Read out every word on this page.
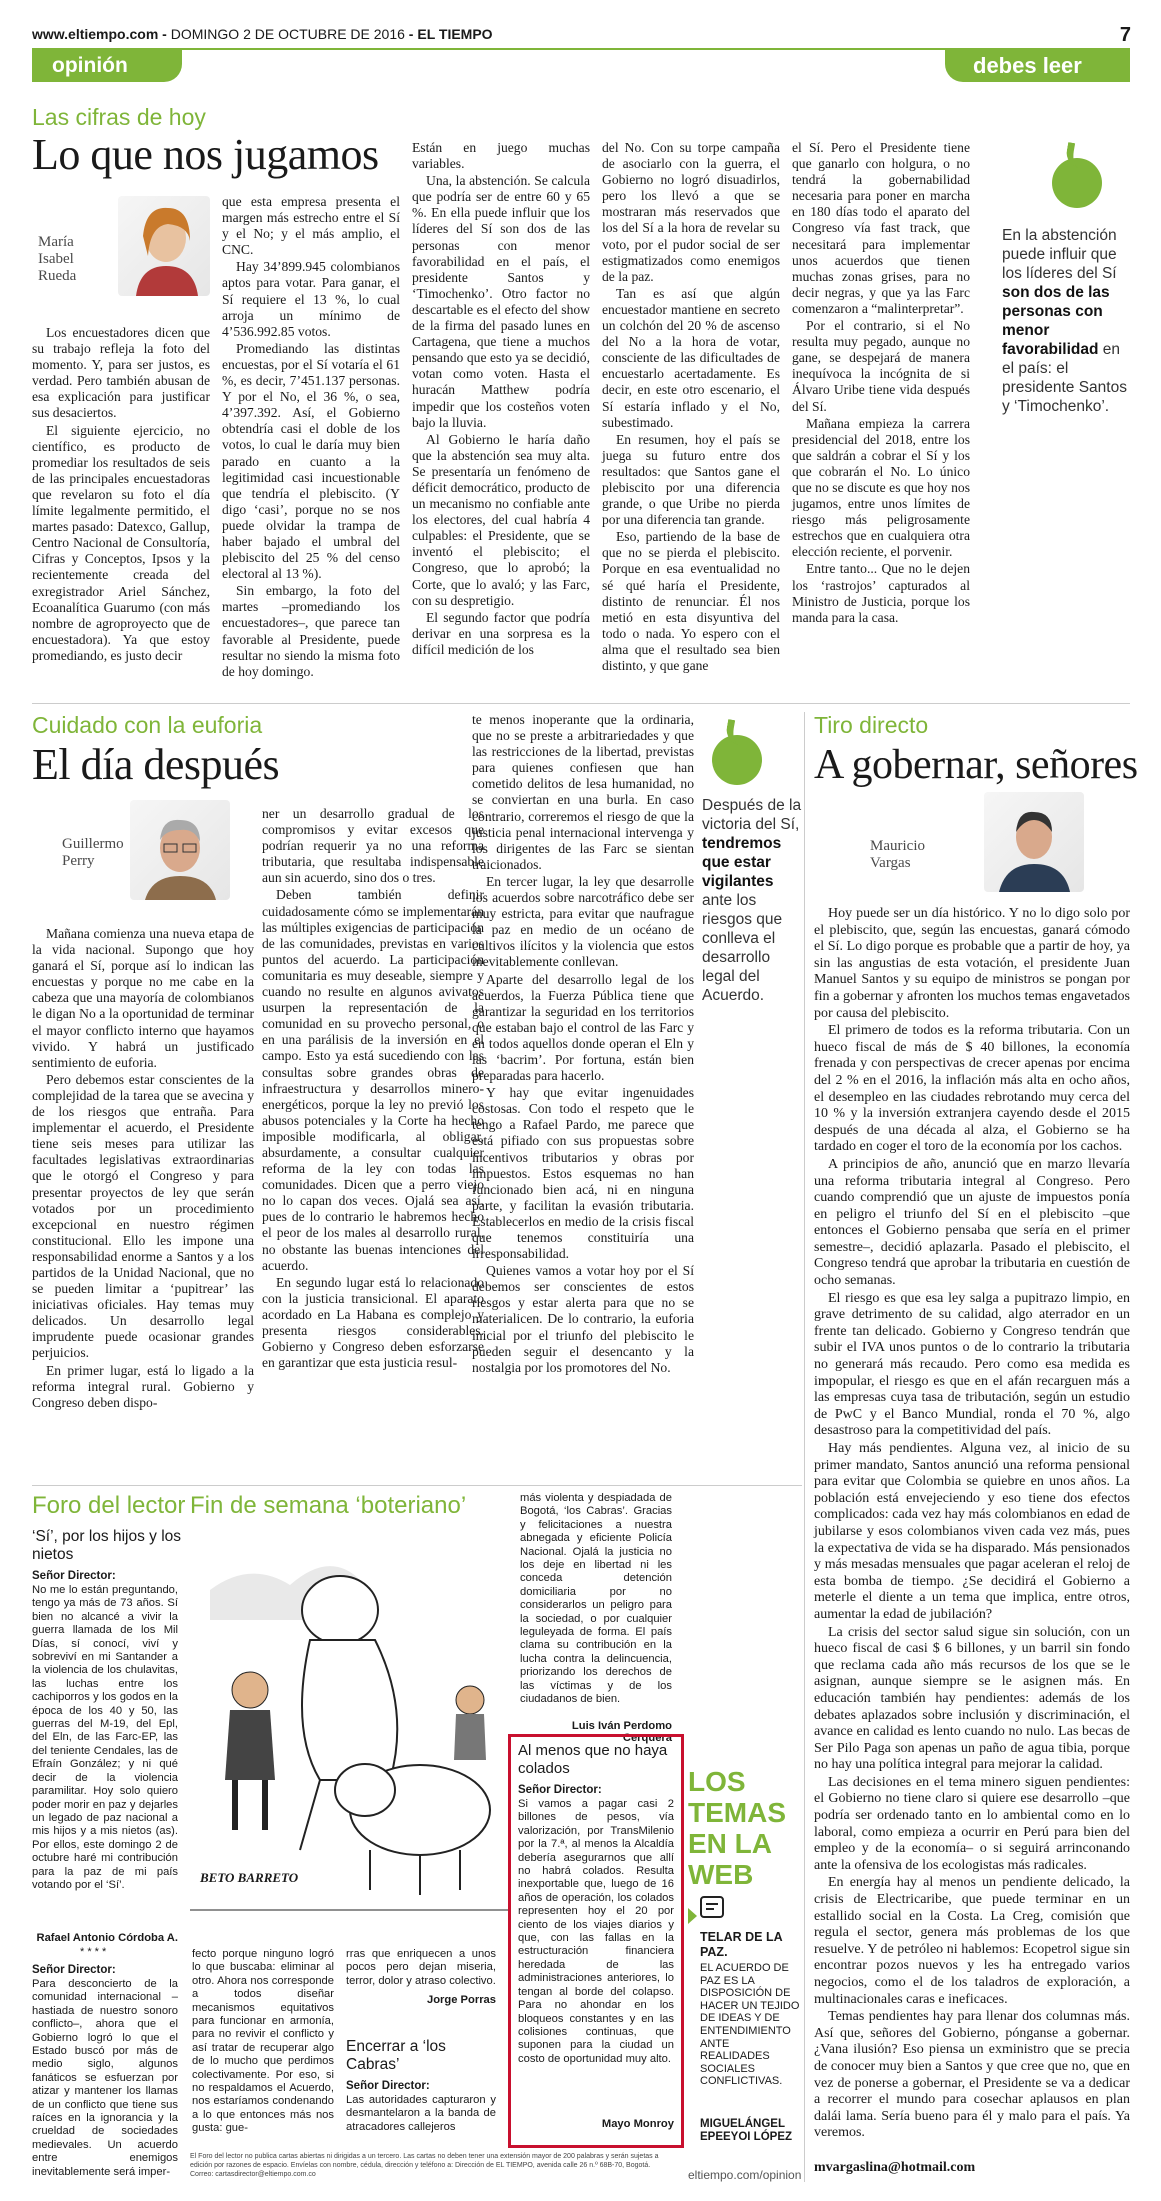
www.eltiempo.com - DOMINGO 2 DE OCTUBRE DE 2016 - EL TIEMPO	7
opinión	debes leer
Las cifras de hoy
Lo que nos jugamos
María Isabel Rueda

Los encuestadores dicen que su trabajo refleja la foto del momento. Y, para ser justos, es verdad. Pero también abusan de esa explicación para justificar sus desaciertos.

El siguiente ejercicio, no científico, es producto de promediar los resultados de seis de las principales encuestadoras que revelaron su foto el día límite legalmente permitido, el martes pasado: Datexco, Gallup, Centro Nacional de Consultoría, Cifras y Conceptos, Ipsos y la recientemente creada del exregistrador Ariel Sánchez, Ecoanalítica Guarumo (con más nombre de agroproyecto que de encuestadora). Ya que estoy promediando, es justo decir

que esta empresa presenta el margen más estrecho entre el Sí y el No; y el más amplio, el CNC.

Hay 34’899.945 colombianos aptos para votar. Para ganar, el Sí requiere el 13 %, lo cual arroja un mínimo de 4’536.992.85 votos.

Promediando las distintas encuestas, por el Sí votaría el 61 %, es decir, 7’451.137 personas. Y por el No, el 36 %, o sea, 4’397.392. Así, el Gobierno obtendría casi el doble de los votos, lo cual le daría muy bien parado en cuanto a la legitimidad casi incuestionable que tendría el plebiscito. (Y digo ‘casi’, porque no se nos puede olvidar la trampa de haber bajado el umbral del plebiscito del 25 % del censo electoral al 13 %).

Sin embargo, la foto del martes –promediando los encuestadores–, que parece tan favorable al Presidente, puede resultar no siendo la misma foto de hoy domingo.

Están en juego muchas variables.

Una, la abstención. Se calcula que podría ser de entre 60 y 65 %. En ella puede influir que los líderes del Sí son dos de las personas con menor favorabilidad en el país, el presidente Santos y ‘Timochenko’. Otro factor no descartable es el efecto del show de la firma del pasado lunes en Cartagena, que tiene a muchos pensando que esto ya se decidió, votan como voten. Hasta el huracán Matthew podría impedir que los costeños voten bajo la lluvia.

Al Gobierno le haría daño que la abstención sea muy alta. Se presentaría un fenómeno de déficit democrático, producto de un mecanismo no confiable ante los electores, del cual habría 4 culpables: el Presidente, que se inventó el plebiscito; el Congreso, que lo aprobó; la Corte, que lo avaló; y las Farc, con su despretigio.

El segundo factor que podría derivar en una sorpresa es la difícil medición de los

del No. Con su torpe campaña de asociarlo con la guerra, el Gobierno no logró disuadirlos, pero los llevó a que se mostraran más reservados que los del Sí a la hora de revelar su voto, por el pudor social de ser estigmatizados como enemigos de la paz.

Tan es así que algún encuestador mantiene en secreto un colchón del 20 % de ascenso del No a la hora de votar, consciente de las dificultades de encuestarlo acertadamente. Es decir, en este otro escenario, el Sí estaría inflado y el No, subestimado.

En resumen, hoy el país se juega su futuro entre dos resultados: que Santos gane el plebiscito por una diferencia grande, o que Uribe no pierda por una diferencia tan grande.

Eso, partiendo de la base de que no se pierda el plebiscito. Porque en esa eventualidad no sé qué haría el Presidente, distinto de renunciar. Él nos metió en esta disyuntiva del todo o nada. Yo espero con el alma que el resultado sea bien distinto, y que gane

el Sí. Pero el Presidente tiene que ganarlo con holgura, o no tendrá la gobernabilidad necesaria para poner en marcha en 180 días todo el aparato del Congreso vía fast track, que necesitará para implementar unos acuerdos que tienen muchas zonas grises, para no decir negras, y que ya las Farc comenzaron a “malinterpretar”.

Por el contrario, si el No resulta muy pegado, aunque no gane, se despejará de manera inequívoca la incógnita de si Álvaro Uribe tiene vida después del Sí.

Mañana empieza la carrera presidencial del 2018, entre los que saldrán a cobrar el Sí y los que cobrarán el No. Lo único que no se discute es que hoy nos jugamos, entre unos límites de riesgo más peligrosamente estrechos que en cualquiera otra elección reciente, el porvenir.

Entre tanto... Que no le dejen los ‘rastrojos’ capturados al Ministro de Justicia, porque los manda para la casa.

En la abstención puede influir que los líderes del Sí son dos de las personas con menor favorabilidad en el país: el presidente Santos y ‘Timochenko’.
Cuidado con la euforia
El día después
Guillermo Perry

Mañana comienza una nueva etapa de la vida nacional. Supongo que hoy ganará el Sí, porque así lo indican las encuestas y porque no me cabe en la cabeza que una mayoría de colombianos le digan No a la oportunidad de terminar el mayor conflicto interno que hayamos vivido. Y habrá un justificado sentimiento de euforia.

Pero debemos estar conscientes de la complejidad de la tarea que se avecina y de los riesgos que entraña. Para implementar el acuerdo, el Presidente tiene seis meses para utilizar las facultades legislativas extraordinarias que le otorgó el Congreso y para presentar proyectos de ley que serán votados por un procedimiento excepcional en nuestro régimen constitucional. Ello les impone una responsabilidad enorme a Santos y a los partidos de la Unidad Nacional, que no se pueden limitar a ‘pupitrear’ las iniciativas oficiales. Hay temas muy delicados. Un desarrollo legal imprudente puede ocasionar grandes perjuicios.

En primer lugar, está lo ligado a la reforma integral rural. Gobierno y Congreso deben dispo-

ner un desarrollo gradual de los compromisos y evitar excesos que podrían requerir ya no una reforma tributaria, que resultaba indispensable aun sin acuerdo, sino dos o tres.

Deben también definir cuidadosamente cómo se implementarán las múltiples exigencias de participación de las comunidades, previstas en varios puntos del acuerdo. La participación comunitaria es muy deseable, siempre y cuando no resulte en algunos avivatos usurpen la representación de la comunidad en su provecho personal, o en una parálisis de la inversión en el campo. Esto ya está sucediendo con las consultas sobre grandes obras de infraestructura y desarrollos minero-energéticos, porque la ley no previó los abusos potenciales y la Corte ha hecho imposible modificarla, al obligar, absurdamente, a consultar cualquier reforma de la ley con todas las comunidades. Dicen que a perro viejo no lo capan dos veces. Ojalá sea así, pues de lo contrario le habremos hecho el peor de los males al desarrollo rural, no obstante las buenas intenciones del acuerdo.

En segundo lugar está lo relacionado con la justicia transicional. El aparato acordado en La Habana es complejo y presenta riesgos considerables. Gobierno y Congreso deben esforzarse en garantizar que esta justicia resul-

te menos inoperante que la ordinaria, que no se preste a arbitrariedades y que las restricciones de la libertad, previstas para quienes confiesen que han cometido delitos de lesa humanidad, no se conviertan en una burla. En caso contrario, correremos el riesgo de que la justicia penal internacional intervenga y los dirigentes de las Farc se sientan traicionados.

En tercer lugar, la ley que desarrolle los acuerdos sobre narcotráfico debe ser muy estricta, para evitar que naufrague la paz en medio de un océano de cultivos ilícitos y la violencia que estos inevitablemente conllevan.

Aparte del desarrollo legal de los acuerdos, la Fuerza Pública tiene que garantizar la seguridad en los territorios que estaban bajo el control de las Farc y en todos aquellos donde operan el Eln y las ‘bacrim’. Por fortuna, están bien preparadas para hacerlo.

Y hay que evitar ingenuidades costosas. Con todo el respeto que le tengo a Rafael Pardo, me parece que está pifiado con sus propuestas sobre incentivos tributarios y obras por impuestos. Estos esquemas no han funcionado bien acá, ni en ninguna parte, y facilitan la evasión tributaria. Establecerlos en medio de la crisis fiscal que tenemos constituiría una irresponsabilidad.

Quienes vamos a votar hoy por el Sí debemos ser conscientes de estos riesgos y estar alerta para que no se materialicen. De lo contrario, la euforia inicial por el triunfo del plebiscito le pueden seguir el desencanto y la nostalgia por los promotores del No.

Después de la victoria del Sí, tendremos que estar vigilantes ante los riesgos que conlleva el desarrollo legal del Acuerdo.
Tiro directo
A gobernar, señores
Mauricio Vargas

Hoy puede ser un día histórico. Y no lo digo solo por el plebiscito, que, según las encuestas, ganará cómodo el Sí. Lo digo porque es probable que a partir de hoy, ya sin las angustias de esta votación, el presidente Juan Manuel Santos y su equipo de ministros se pongan por fin a gobernar y afronten los muchos temas engavetados por causa del plebiscito.

El primero de todos es la reforma tributaria. Con un hueco fiscal de más de $ 40 billones, la economía frenada y con perspectivas de crecer apenas por encima del 2 % en el 2016, la inflación más alta en ocho años, el desempleo en las ciudades rebrotando muy cerca del 10 % y la inversión extranjera cayendo desde el 2015 después de una década al alza, el Gobierno se ha tardado en coger el toro de la economía por los cachos.

A principios de año, anunció que en marzo llevaría una reforma tributaria integral al Congreso. Pero cuando comprendió que un ajuste de impuestos ponía en peligro el triunfo del Sí en el plebiscito –que entonces el Gobierno pensaba que sería en el primer semestre–, decidió aplazarla. Pasado el plebiscito, el Congreso tendrá que aprobar la tributaria en cuestión de ocho semanas.

El riesgo es que esa ley salga a pupitrazo limpio, en grave detrimento de su calidad, algo aterrador en un frente tan delicado. Gobierno y Congreso tendrán que subir el IVA unos puntos o de lo contrario la tributaria no generará más recaudo. Pero como esa medida es impopular, el riesgo es que en el afán recarguen más a las empresas cuya tasa de tributación, según un estudio de PwC y el Banco Mundial, ronda el 70 %, algo desastroso para la competitividad del país.

Hay más pendientes. Alguna vez, al inicio de su primer mandato, Santos anunció una reforma pensional para evitar que Colombia se quiebre en unos años. La población está envejeciendo y eso tiene dos efectos complicados: cada vez hay más colombianos en edad de jubilarse y esos colombianos viven cada vez más, pues la expectativa de vida se ha disparado. Más pensionados y más mesadas mensuales que pagar aceleran el reloj de esta bomba de tiempo. ¿Se decidirá el Gobierno a meterle el diente a un tema que implica, entre otros, aumentar la edad de jubilación?

La crisis del sector salud sigue sin solución, con un hueco fiscal de casi $ 6 billones, y un barril sin fondo que reclama cada año más recursos de los que se le asignan, aunque siempre se le asignen más. En educación también hay pendientes: además de los debates aplazados sobre inclusión y discriminación, el avance en calidad es lento cuando no nulo. Las becas de Ser Pilo Paga son apenas un paño de agua tibia, porque no hay una política integral para mejorar la calidad.

Las decisiones en el tema minero siguen pendientes: el Gobierno no tiene claro si quiere ese desarrollo –que podría ser ordenado tanto en lo ambiental como en lo laboral, como empieza a ocurrir en Perú para bien del empleo y de la economía– o si seguirá arrinconando ante la ofensiva de los ecologistas más radicales.

En energía hay al menos un pendiente delicado, la crisis de Electricaribe, que puede terminar en un estallido social en la Costa. La Creg, comisión que regula el sector, genera más problemas de los que resuelve. Y de petróleo ni hablemos: Ecopetrol sigue sin encontrar pozos nuevos y les ha entregado varios negocios, como el de los taladros de exploración, a multinacionales caras e ineficaces.

Temas pendientes hay para llenar dos columnas más. Así que, señores del Gobierno, pónganse a gobernar. ¿Vana ilusión? Eso piensa un exministro que se precia de conocer muy bien a Santos y que cree que no, que en vez de ponerse a gobernar, el Presidente se va a dedicar a recorrer el mundo para cosechar aplausos en plan dalái lama. Sería bueno para él y malo para el país. Ya veremos.

mvargaslina@hotmail.com
Foro del lector
‘Sí’, por los hijos y los nietos
Señor Director:
No me lo están preguntando, tengo ya más de 73 años. Sí bien no alcancé a vivir la guerra llamada de los Mil Días, sí conocí, viví y sobreviví en mi Santander a la violencia de los chulavitas, las luchas entre los cachiporros y los godos en la época de los 40 y 50, las guerras del M-19, del Epl, del Eln, de las Farc-EP, las del teniente Cendales, las de Efraín González; y ni qué decir de la violencia paramilitar. Hoy solo quiero poder morir en paz y dejarles un legado de paz nacional a mis hijos y a mis nietos (as). Por ellos, este domingo 2 de octubre haré mi contribución para la paz de mi país votando por el ‘Sí’.
Rafael Antonio Córdoba A.
* * * *
Señor Director:
Para desconcierto de la comunidad internacional –hastiada de nuestro sonoro conflicto–, ahora que el Gobierno logró lo que el Estado buscó por más de medio siglo, algunos fanáticos se esfuerzan por atizar y mantener los llamas de un conflicto que tiene sus raíces en la ignorancia y la crueldad de sociedades medievales. Un acuerdo entre enemigos inevitablemente será imper-
fecto porque ninguno logró lo que buscaba: eliminar al otro. Ahora nos corresponde a todos diseñar mecanismos equitativos para funcionar en armonía, para no revivir el conflicto y así tratar de recuperar algo de lo mucho que perdimos colectivamente. Por eso, si no respaldamos el Acuerdo, nos estaríamos condenando a lo que entonces más nos gusta: gue-
rras que enriquecen a unos pocos pero dejan miseria, terror, dolor y atraso colectivo.
Jorge Porras
Fin de semana ‘boteriano’
BETO BARRETO
más violenta y despiadada de Bogotá, ‘los Cabras’. Gracias y felicitaciones a nuestra abnegada y eficiente Policía Nacional. Ojalá la justicia no los deje en libertad ni les conceda detención domiciliaria por no considerarlos un peligro para la sociedad, o por cualquier leguleyada de forma. El país clama su contribución en la lucha contra la delincuencia, priorizando los derechos de las víctimas y de los ciudadanos de bien.
Luis Iván Perdomo Cerquera
Encerrar a ‘los Cabras’
Señor Director:
Las autoridades capturaron y desmantelaron a la banda de atracadores callejeros
Al menos que no haya colados
Señor Director:
Si vamos a pagar casi 2 billones de pesos, vía valorización, por TransMilenio por la 7.ª, al menos la Alcaldía debería asegurarnos que allí no habrá colados. Resulta inexportable que, luego de 16 años de operación, los colados representen hoy el 20 por ciento de los viajes diarios y que, con las fallas en la estructuración financiera heredada de las administraciones anteriores, lo tengan al borde del colapso. Para no ahondar en los bloqueos constantes y en las colisiones continuas, que suponen para la ciudad un costo de oportunidad muy alto.
Mayo Monroy
LOS TEMAS EN LA WEB
TELAR DE LA PAZ.
EL ACUERDO DE PAZ ES LA DISPOSICIÓN DE HACER UN TEJIDO DE IDEAS Y DE ENTENDIMIENTO ANTE REALIDADES SOCIALES CONFLICTIVAS.
MIGUELÁNGEL EPEEYOI LÓPEZ
El Foro del lector no publica cartas abiertas ni dirigidas a un tercero. Las cartas no deben tener una extensión mayor de 200 palabras y serán sujetas a edición por razones de espacio. Envíelas con nombre, cédula, dirección y teléfono a: Dirección de EL TIEMPO, avenida calle 26 n.º 68B-70, Bogotá. Correo: cartasdirector@eltiempo.com.co	eltiempo.com/opinion
